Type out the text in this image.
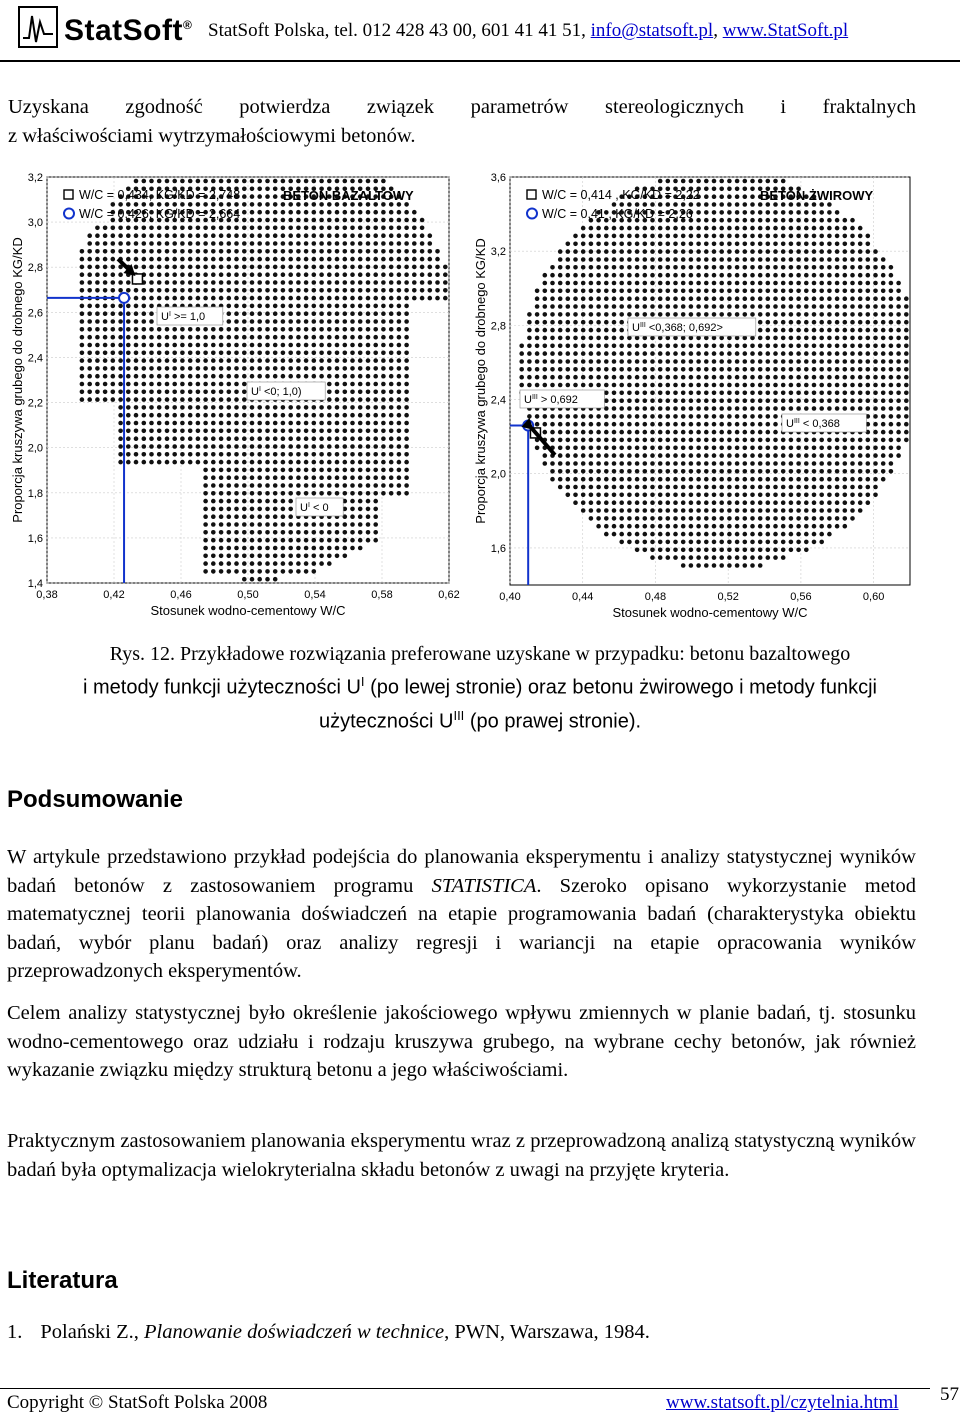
StatSoft® StatSoft Polska, tel. 012 428 43 00, 601 41 41 51, info@statsoft.pl, www.StatSoft.pl
Uzyskana zgodność potwierdza związek parametrów stereologicznych i fraktalnych
z właściwościami wytrzymałościowymi betonów.
0,38	0,42	0,46	0,50	0,54	0,58	0,62
1,4
1,6
1,8
2,0
2,2
2,4
2,6
2,8
3,0
3,2
W/C = 0,434, KG/KD = 2,748
W/C = 0,426, KG/KD = 2,664
BETON BAZALTOWY
$U^I >= 1,0$
$U^I <0$; 1,0)
$U^I < 0$
Stosunek wodno-cementowy W/C
Proporcja kruszywa grubego do drobnego KG/KD
0,40	0,44	0,48	0,52	0,56	0,60
1,6
2,0
2,4
2,8
3,2
3,6
W/C = 0,414 , KG/KD = 2,22
W/C = 0,41 , KG/KD = 2,26
BETON ŻWIROWY
$U^{III} <0,368$; 0,692>
$U^{III} > 0,692$
$U^{III} < 0,368$
Stosunek wodno-cementowy W/C
Proporcja kruszywa grubego do drobnego KG/KD
Rys. 12. Przykładowe rozwiązania preferowane uzyskane w przypadku: betonu bazaltowego
i metody funkcji użyteczności $U^I$ (po lewej stronie) oraz betonu żwirowego i metody funkcji
użyteczności $U^{III}$ (po prawej stronie).
Podsumowanie
W artykule przedstawiono przykład podejścia do planowania eksperymentu i analizy statystycznej wyników badań betonów z zastosowaniem programu STATISTICA. Szeroko opisano wykorzystanie metod matematycznej teorii planowania doświadczeń na etapie programowania badań (charakterystyka obiektu badań, wybór planu badań) oraz analizy regresji i wariancji na etapie opracowania wyników przeprowadzonych eksperymentów.
Celem analizy statystycznej było określenie jakościowego wpływu zmiennych w planie badań, tj. stosunku wodno-cementowego oraz udziału i rodzaju kruszywa grubego, na wybrane cechy betonów, jak również wykazanie związku między strukturą betonu a jego właściwościami.
Praktycznym zastosowaniem planowania eksperymentu wraz z przeprowadzoną analizą statystyczną wyników badań była optymalizacja wielokryterialna składu betonów z uwagi na przyjęte kryteria.
Literatura
1. Polański Z., Planowanie doświadczeń w technice, PWN, Warszawa, 1984.
Copyright © StatSoft Polska 2008	www.statsoft.pl/czytelnia.html 57
